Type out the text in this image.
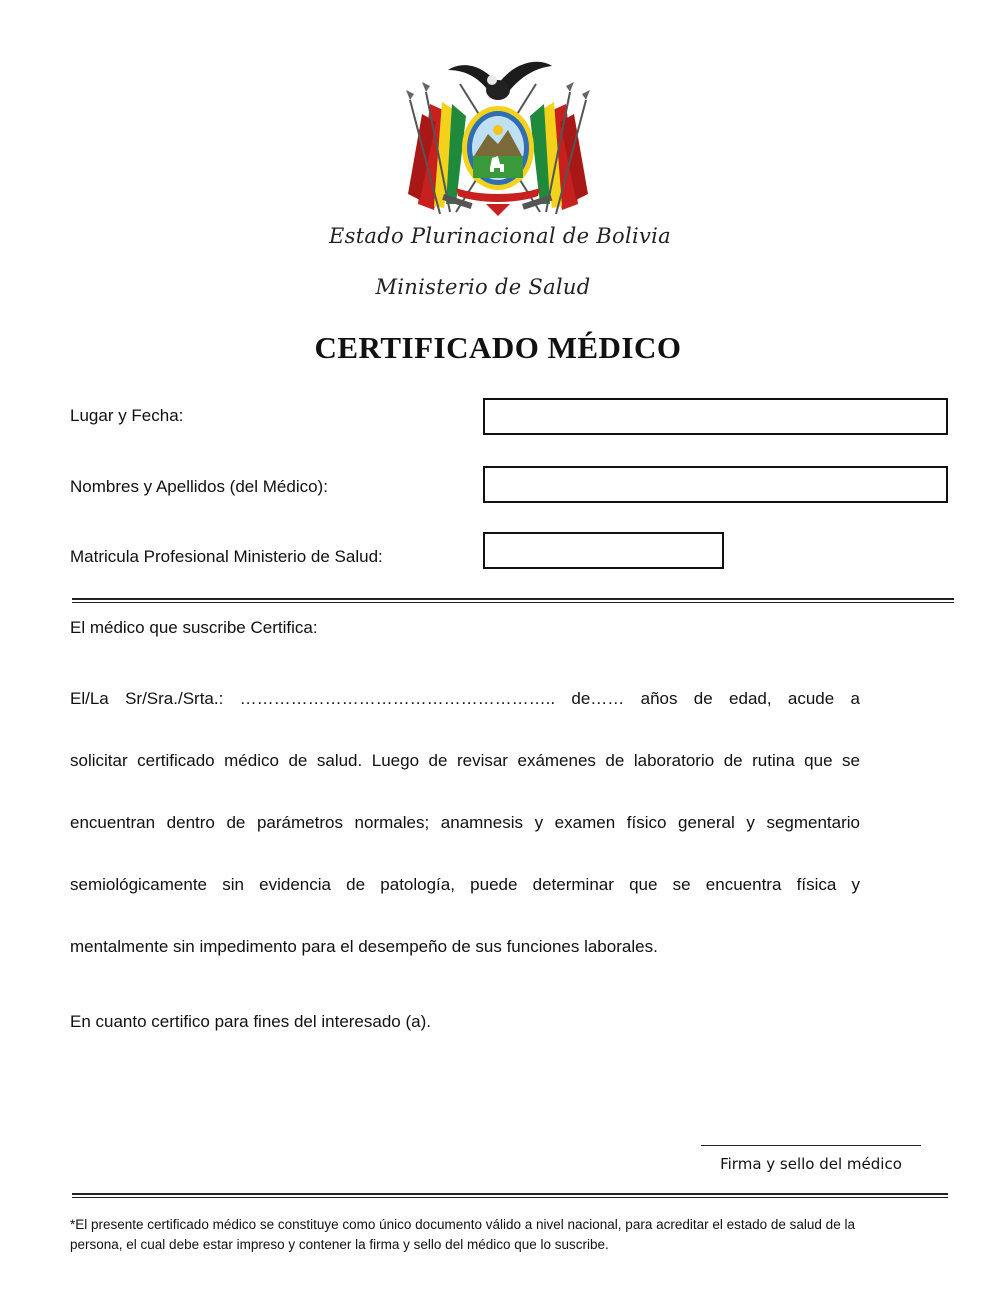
Estado Plurinacional de Bolivia
Ministerio de Salud
CERTIFICADO MÉDICO
Lugar y Fecha:
Nombres y Apellidos (del Médico):
Matricula Profesional Ministerio de Salud:
El médico que suscribe Certifica:
El/La Sr/Sra./Srta.: ……………………………………………….. de…… años de edad, acude a
solicitar certificado médico de salud. Luego de revisar exámenes de laboratorio de rutina que se
encuentran dentro de parámetros normales; anamnesis y examen físico general y segmentario
semiológicamente sin evidencia de patología, puede determinar que se encuentra física y
mentalmente sin impedimento para el desempeño de sus funciones laborales.
En cuanto certifico para fines del interesado (a).
Firma y sello del médico
*El presente certificado médico se constituye como único documento válido a nivel nacional, para acreditar el estado de salud de la
persona, el cual debe estar impreso y contener la firma y sello del médico que lo suscribe.
